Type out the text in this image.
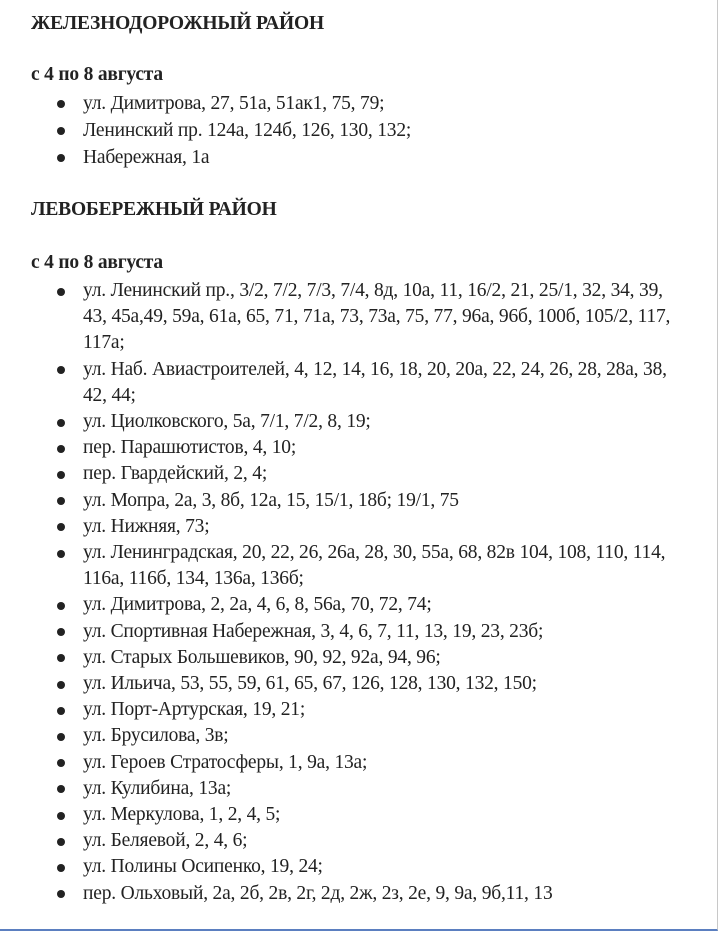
ЖЕЛЕЗНОДОРОЖНЫЙ РАЙОН
с 4 по 8 августа
ул. Димитрова, 27, 51а, 51ак1, 75, 79;
Ленинский пр. 124а, 124б, 126, 130, 132;
Набережная, 1а
ЛЕВОБЕРЕЖНЫЙ РАЙОН
с 4 по 8 августа
ул. Ленинский пр., 3/2, 7/2, 7/3, 7/4, 8д, 10а, 11, 16/2, 21, 25/1, 32, 34, 39, 43, 45а,49, 59а, 61а, 65, 71, 71а, 73, 73а, 75, 77, 96а, 96б, 100б, 105/2, 117, 117а;
ул. Наб. Авиастроителей, 4, 12, 14, 16, 18, 20, 20а, 22, 24, 26, 28, 28а, 38, 42, 44;
ул. Циолковского, 5а, 7/1, 7/2, 8, 19;
пер. Парашютистов, 4, 10;
пер. Гвардейский, 2, 4;
ул. Мопра, 2а, 3, 8б, 12а, 15, 15/1, 18б; 19/1, 75
ул. Нижняя, 73;
ул. Ленинградская, 20, 22, 26, 26а, 28, 30, 55а, 68, 82в 104, 108, 110, 114, 116а, 116б, 134, 136а, 136б;
ул. Димитрова, 2, 2а, 4, 6, 8, 56а, 70, 72, 74;
ул. Спортивная Набережная, 3, 4, 6, 7, 11, 13, 19, 23, 23б;
ул. Старых Большевиков, 90, 92, 92а, 94, 96;
ул. Ильича, 53, 55, 59, 61, 65, 67, 126, 128, 130, 132, 150;
ул. Порт-Артурская, 19, 21;
ул. Брусилова, 3в;
ул. Героев Стратосферы, 1, 9а, 13а;
ул. Кулибина, 13а;
ул. Меркулова, 1, 2, 4, 5;
ул. Беляевой, 2, 4, 6;
ул. Полины Осипенко, 19, 24;
пер. Ольховый, 2а, 2б, 2в, 2г, 2д, 2ж, 2з, 2е, 9, 9а, 9б,11, 13
